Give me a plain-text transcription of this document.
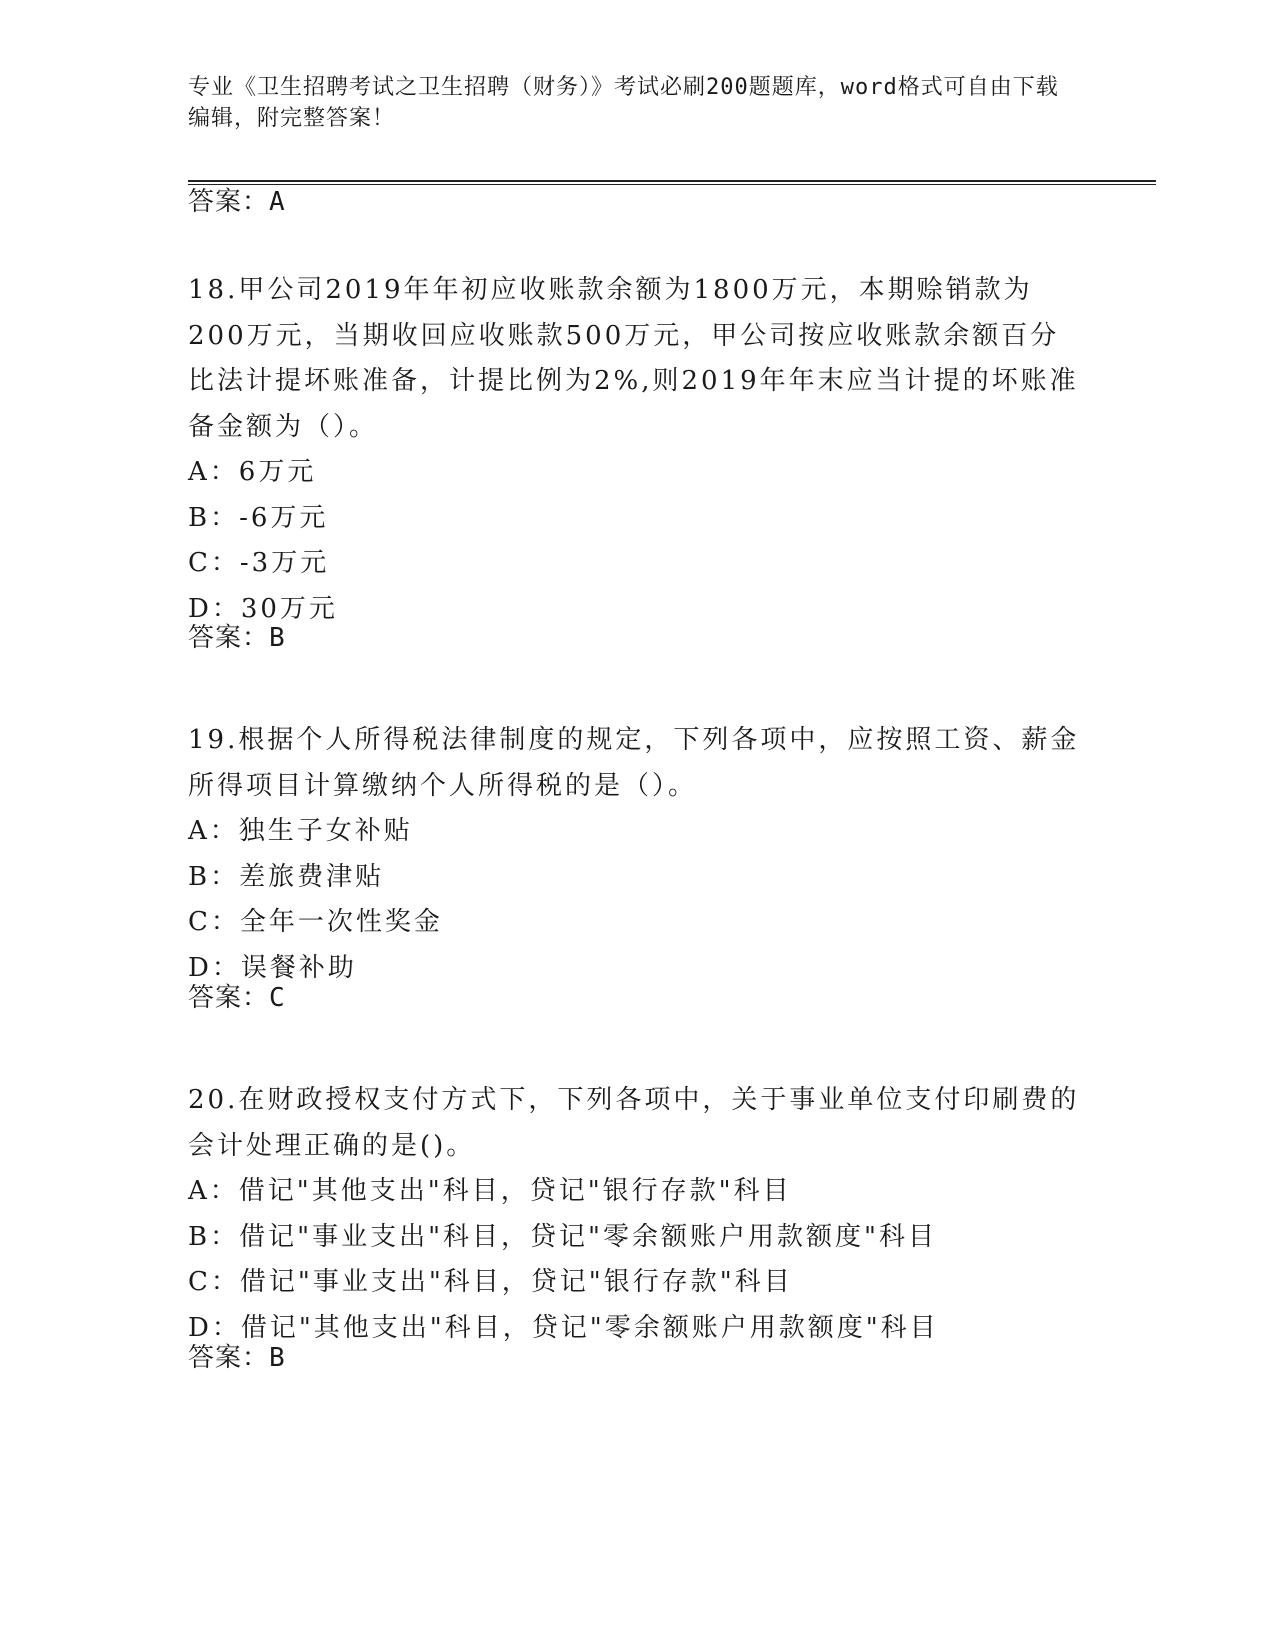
专业《卫生招聘考试之卫生招聘（财务）》考试必刷200题题库，word格式可自由下载编辑，附完整答案！
答案：A
18.甲公司2019年年初应收账款余额为1800万元，本期赊销款为200万元，当期收回应收账款500万元，甲公司按应收账款余额百分比法计提坏账准备，计提比例为2%,则2019年年末应当计提的坏账准备金额为（）。
A：6万元
B：-6万元
C：-3万元
D：30万元
答案：B
19.根据个人所得税法律制度的规定，下列各项中，应按照工资、薪金所得项目计算缴纳个人所得税的是（）。
A：独生子女补贴
B：差旅费津贴
C：全年一次性奖金
D：误餐补助
答案：C
20.在财政授权支付方式下，下列各项中，关于事业单位支付印刷费的会计处理正确的是()。
A：借记"其他支出"科目，贷记"银行存款"科目
B：借记"事业支出"科目，贷记"零余额账户用款额度"科目
C：借记"事业支出"科目，贷记"银行存款"科目
D：借记"其他支出"科目，贷记"零余额账户用款额度"科目
答案：B
